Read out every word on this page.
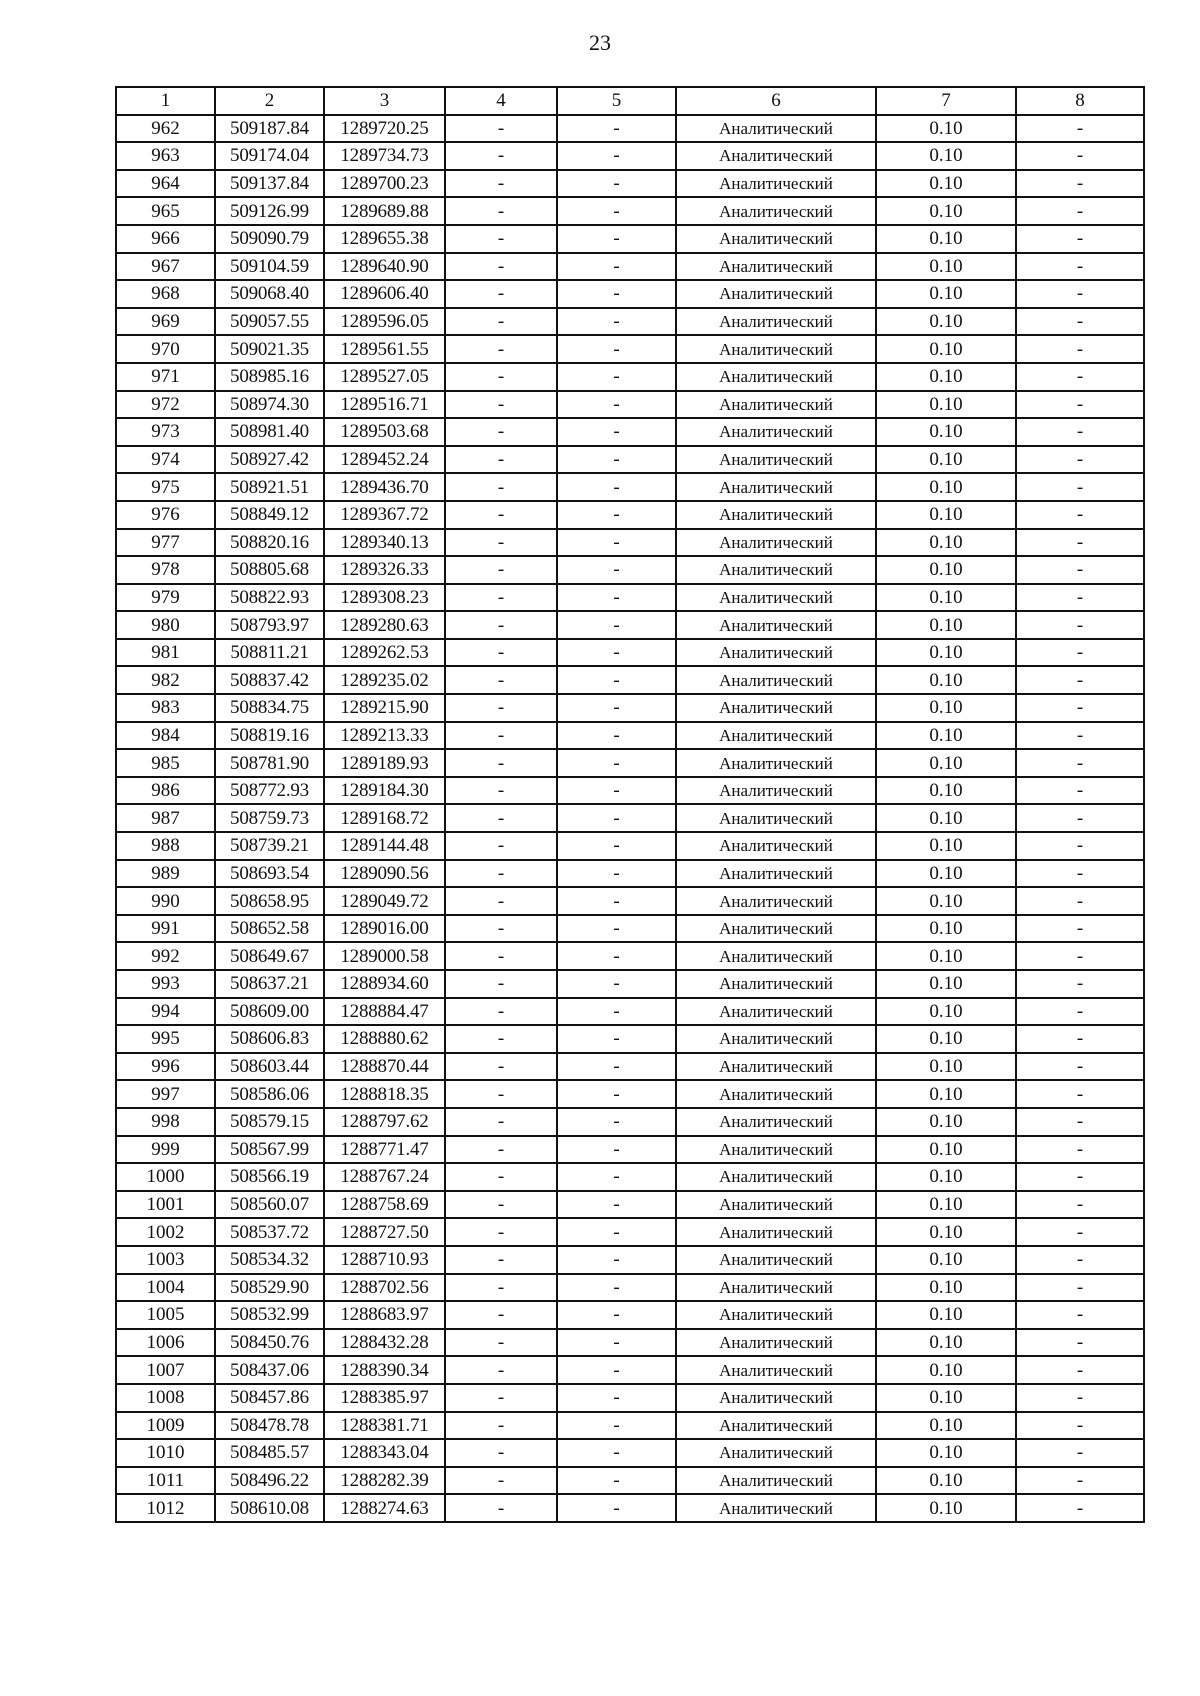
23
1	2	3	4	5	6	7	8
962	509187.84	1289720.25	-	-	Аналитический	0.10	-
963	509174.04	1289734.73	-	-	Аналитический	0.10	-
964	509137.84	1289700.23	-	-	Аналитический	0.10	-
965	509126.99	1289689.88	-	-	Аналитический	0.10	-
966	509090.79	1289655.38	-	-	Аналитический	0.10	-
967	509104.59	1289640.90	-	-	Аналитический	0.10	-
968	509068.40	1289606.40	-	-	Аналитический	0.10	-
969	509057.55	1289596.05	-	-	Аналитический	0.10	-
970	509021.35	1289561.55	-	-	Аналитический	0.10	-
971	508985.16	1289527.05	-	-	Аналитический	0.10	-
972	508974.30	1289516.71	-	-	Аналитический	0.10	-
973	508981.40	1289503.68	-	-	Аналитический	0.10	-
974	508927.42	1289452.24	-	-	Аналитический	0.10	-
975	508921.51	1289436.70	-	-	Аналитический	0.10	-
976	508849.12	1289367.72	-	-	Аналитический	0.10	-
977	508820.16	1289340.13	-	-	Аналитический	0.10	-
978	508805.68	1289326.33	-	-	Аналитический	0.10	-
979	508822.93	1289308.23	-	-	Аналитический	0.10	-
980	508793.97	1289280.63	-	-	Аналитический	0.10	-
981	508811.21	1289262.53	-	-	Аналитический	0.10	-
982	508837.42	1289235.02	-	-	Аналитический	0.10	-
983	508834.75	1289215.90	-	-	Аналитический	0.10	-
984	508819.16	1289213.33	-	-	Аналитический	0.10	-
985	508781.90	1289189.93	-	-	Аналитический	0.10	-
986	508772.93	1289184.30	-	-	Аналитический	0.10	-
987	508759.73	1289168.72	-	-	Аналитический	0.10	-
988	508739.21	1289144.48	-	-	Аналитический	0.10	-
989	508693.54	1289090.56	-	-	Аналитический	0.10	-
990	508658.95	1289049.72	-	-	Аналитический	0.10	-
991	508652.58	1289016.00	-	-	Аналитический	0.10	-
992	508649.67	1289000.58	-	-	Аналитический	0.10	-
993	508637.21	1288934.60	-	-	Аналитический	0.10	-
994	508609.00	1288884.47	-	-	Аналитический	0.10	-
995	508606.83	1288880.62	-	-	Аналитический	0.10	-
996	508603.44	1288870.44	-	-	Аналитический	0.10	-
997	508586.06	1288818.35	-	-	Аналитический	0.10	-
998	508579.15	1288797.62	-	-	Аналитический	0.10	-
999	508567.99	1288771.47	-	-	Аналитический	0.10	-
1000	508566.19	1288767.24	-	-	Аналитический	0.10	-
1001	508560.07	1288758.69	-	-	Аналитический	0.10	-
1002	508537.72	1288727.50	-	-	Аналитический	0.10	-
1003	508534.32	1288710.93	-	-	Аналитический	0.10	-
1004	508529.90	1288702.56	-	-	Аналитический	0.10	-
1005	508532.99	1288683.97	-	-	Аналитический	0.10	-
1006	508450.76	1288432.28	-	-	Аналитический	0.10	-
1007	508437.06	1288390.34	-	-	Аналитический	0.10	-
1008	508457.86	1288385.97	-	-	Аналитический	0.10	-
1009	508478.78	1288381.71	-	-	Аналитический	0.10	-
1010	508485.57	1288343.04	-	-	Аналитический	0.10	-
1011	508496.22	1288282.39	-	-	Аналитический	0.10	-
1012	508610.08	1288274.63	-	-	Аналитический	0.10	-
